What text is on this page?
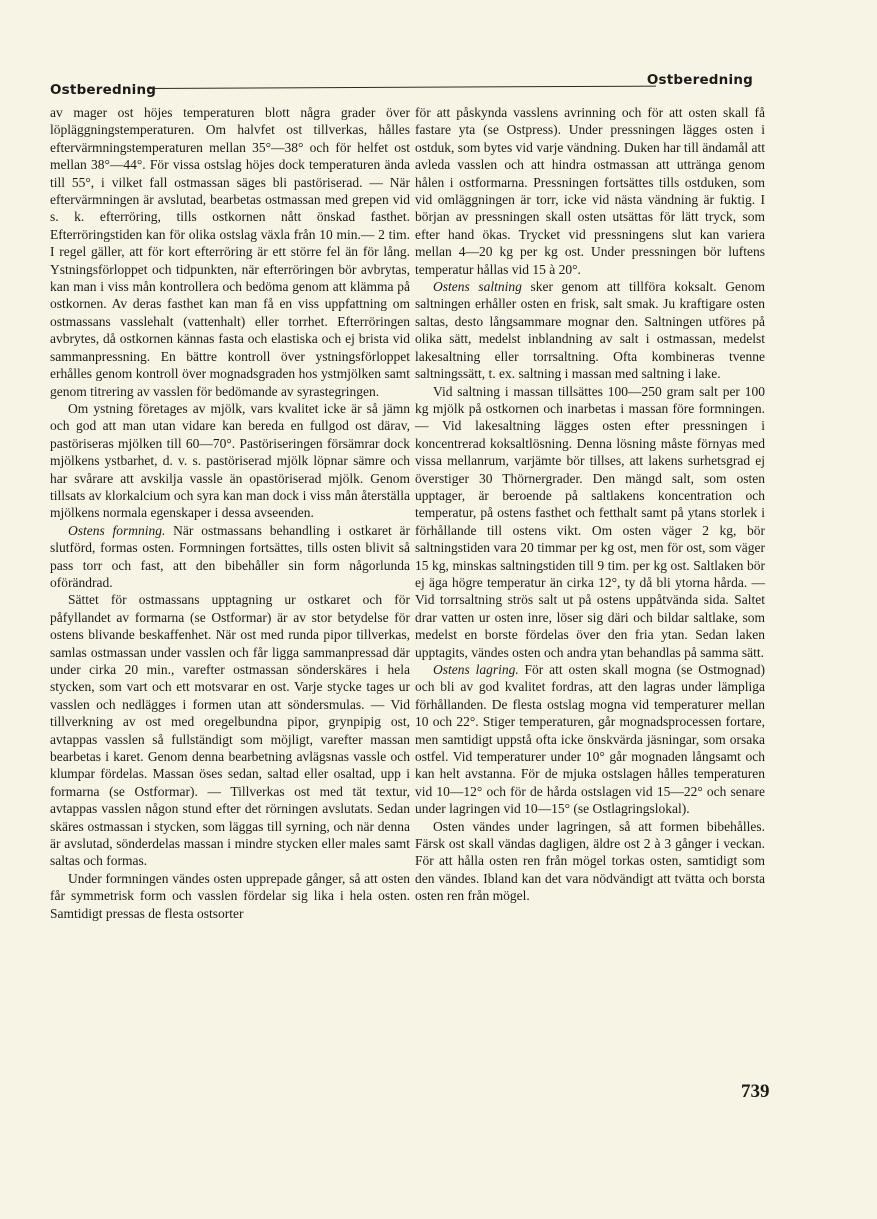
Ostberedning
Ostberedning

av mager ost höjes temperaturen blott några grader över löpläggningstemperaturen. Om halvfet ost tillverkas, hålles eftervärmningstemperaturen mellan 35°—38° och för helfet ost mellan 38°—44°. För vissa ostslag höjes dock temperaturen ända till 55°, i vilket fall ostmassan säges bli pastöriserad. — När eftervärmningen är avslutad, bearbetas ostmassan med grepen vid s. k. efterröring, tills ostkornen nått önskad fasthet. Efterröringstiden kan för olika ostslag växla från 10 min.— 2 tim. I regel gäller, att för kort efterröring är ett större fel än för lång. Ystningsförloppet och tidpunkten, när efterröringen bör avbrytas, kan man i viss mån kontrollera och bedöma genom att klämma på ostkornen. Av deras fasthet kan man få en viss uppfattning om ostmassans vasslehalt (vattenhalt) eller torrhet. Efterröringen avbrytes, då ostkornen kännas fasta och elastiska och ej brista vid sammanpressning. En bättre kontroll över ystningsförloppet erhålles genom kontroll över mognadsgraden hos ystmjölken samt genom titrering av vasslen för bedömande av syrastegringen.

Om ystning företages av mjölk, vars kvalitet icke är så jämn och god att man utan vidare kan bereda en fullgod ost därav, pastöriseras mjölken till 60—70°. Pastöriseringen försämrar dock mjölkens ystbarhet, d. v. s. pastöriserad mjölk löpnar sämre och har svårare att avskilja vassle än opastöriserad mjölk. Genom tillsats av klorkalcium och syra kan man dock i viss mån återställa mjölkens normala egenskaper i dessa avseenden.

Ostens formning. När ostmassans behandling i ostkaret är slutförd, formas osten. Formningen fortsättes, tills osten blivit så pass torr och fast, att den bibehåller sin form någorlunda oförändrad.

Sättet för ostmassans upptagning ur ostkaret och för påfyllandet av formarna (se Ostformar) är av stor betydelse för ostens blivande beskaffenhet. När ost med runda pipor tillverkas, samlas ostmassan under vasslen och får ligga sammanpressad där under cirka 20 min., varefter ostmassan sönderskäres i hela stycken, som vart och ett motsvarar en ost. Varje stycke tages ur vasslen och nedlägges i formen utan att söndersmulas. — Vid tillverkning av ost med oregelbundna pipor, grynpipig ost, avtappas vasslen så fullständigt som möjligt, varefter massan bearbetas i karet. Genom denna bearbetning avlägsnas vassle och klumpar fördelas. Massan öses sedan, saltad eller osaltad, upp i formarna (se Ostformar). — Tillverkas ost med tät textur, avtappas vasslen någon stund efter det rörningen avslutats. Sedan skäres ostmassan i stycken, som läggas till syrning, och när denna är avslutad, sönderdelas massan i mindre stycken eller males samt saltas och formas.

Under formningen vändes osten upprepade gånger, så att osten får symmetrisk form och vasslen fördelar sig lika i hela osten. Samtidigt pressas de flesta ostsorter

för att påskynda vasslens avrinning och för att osten skall få fastare yta (se Ostpress). Under pressningen lägges osten i ostduk, som bytes vid varje vändning. Duken har till ändamål att avleda vasslen och att hindra ostmassan att uttränga genom hålen i ostformarna. Pressningen fortsättes tills ostduken, som vid omläggningen är torr, icke vid nästa vändning är fuktig. I början av pressningen skall osten utsättas för lätt tryck, som efter hand ökas. Trycket vid pressningens slut kan variera mellan 4—20 kg per kg ost. Under pressningen bör luftens temperatur hållas vid 15 à 20°.

Ostens saltning sker genom att tillföra koksalt. Genom saltningen erhåller osten en frisk, salt smak. Ju kraftigare osten saltas, desto långsammare mognar den. Saltningen utföres på olika sätt, medelst inblandning av salt i ostmassan, medelst lakesaltning eller torrsaltning. Ofta kombineras tvenne saltningssätt, t. ex. saltning i massan med saltning i lake.

Vid saltning i massan tillsättes 100—250 gram salt per 100 kg mjölk på ostkornen och inarbetas i massan före formningen. — Vid lakesaltning lägges osten efter pressningen i koncentrerad koksaltlösning. Denna lösning måste förnyas med vissa mellanrum, varjämte bör tillses, att lakens surhetsgrad ej överstiger 30 Thörnergrader. Den mängd salt, som osten upptager, är beroende på saltlakens koncentration och temperatur, på ostens fasthet och fetthalt samt på ytans storlek i förhållande till ostens vikt. Om osten väger 2 kg, bör saltningstiden vara 20 timmar per kg ost, men för ost, som väger 15 kg, minskas saltningstiden till 9 tim. per kg ost. Saltlaken bör ej äga högre temperatur än cirka 12°, ty då bli ytorna hårda. — Vid torrsaltning strös salt ut på ostens uppåtvända sida. Saltet drar vatten ur osten inre, löser sig däri och bildar saltlake, som medelst en borste fördelas över den fria ytan. Sedan laken upptagits, vändes osten och andra ytan behandlas på samma sätt.

Ostens lagring. För att osten skall mogna (se Ostmognad) och bli av god kvalitet fordras, att den lagras under lämpliga förhållanden. De flesta ostslag mogna vid temperaturer mellan 10 och 22°. Stiger temperaturen, går mognadsprocessen fortare, men samtidigt uppstå ofta icke önskvärda jäsningar, som orsaka ostfel. Vid temperaturer under 10° går mognaden långsamt och kan helt avstanna. För de mjuka ostslagen hålles temperaturen vid 10—12° och för de hårda ostslagen vid 15—22° och senare under lagringen vid 10—15° (se Ostlagringslokal).

Osten vändes under lagringen, så att formen bibehålles. Färsk ost skall vändas dagligen, äldre ost 2 à 3 gånger i veckan. För att hålla osten ren från mögel torkas osten, samtidigt som den vändes. Ibland kan det vara nödvändigt att tvätta och borsta osten ren från mögel.

739
